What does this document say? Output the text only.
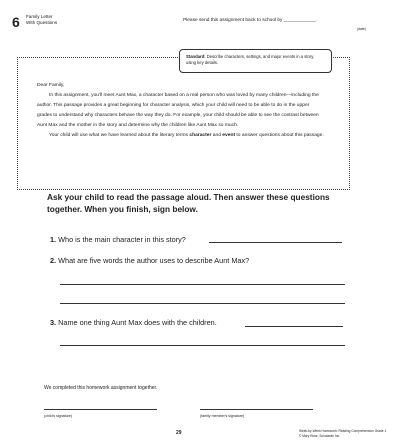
6 Family Letter
With Questions	Please send this assignment back to school by ____________.
(date)
Standard: Describe characters, settings, and major events in a story, using key details.

Dear Family,

In this assignment, you'll meet Aunt Max, a character based on a real person who was loved by many children—including the author. This passage provides a great beginning for character analysis, which your child will need to be able to do in the upper grades to understand why characters behave the way they do. For example, your child should be able to see the contrast between Aunt Max and the mother in the story and determine why the children like Aunt Max so much.

Your child will use what we have learned about the literary terms character and event to answer questions about this passage.

Ask your child to read the passage aloud. Then answer these questions together. When you finish, sign below.
1. Who is the main character in this story?
2. What are five words the author uses to describe Aunt Max?
3. Name one thing Aunt Max does with the children.
We completed this homework assignment together.
(child's signature)	(family member's signature)
29	Week-by-Week Homework: Reading Comprehension Grade 1
© Mary Rose, Scholastic Inc.
